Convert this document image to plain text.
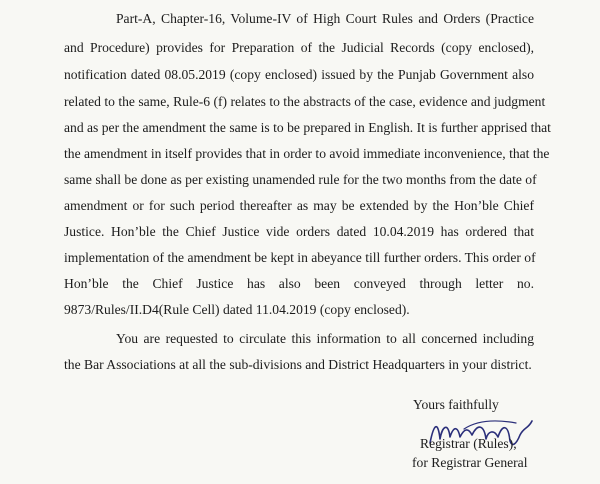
Part-A, Chapter-16, Volume-IV of High Court Rules and Orders (Practice
and Procedure) provides for Preparation of the Judicial Records (copy enclosed),
notification dated 08.05.2019 (copy enclosed) issued by the Punjab Government also
related to the same, Rule-6 (f) relates to the abstracts of the case, evidence and judgment
and as per the amendment the same is to be prepared in English. It is further apprised that
the amendment in itself provides that in order to avoid immediate inconvenience, that the
same shall be done as per existing unamended rule for the two months from the date of
amendment or for such period thereafter as may be extended by the Hon’ble Chief
Justice. Hon’ble the Chief Justice vide orders dated 10.04.2019 has ordered that
implementation of the amendment be kept in abeyance till further orders. This order of
Hon’ble the Chief Justice has also been conveyed through letter no.
9873/Rules/II.D4(Rule Cell) dated 11.04.2019 (copy enclosed).
You are requested to circulate this information to all concerned including
the Bar Associations at all the sub-divisions and District Headquarters in your district.
Yours faithfully
Registrar (Rules),
for Registrar General
